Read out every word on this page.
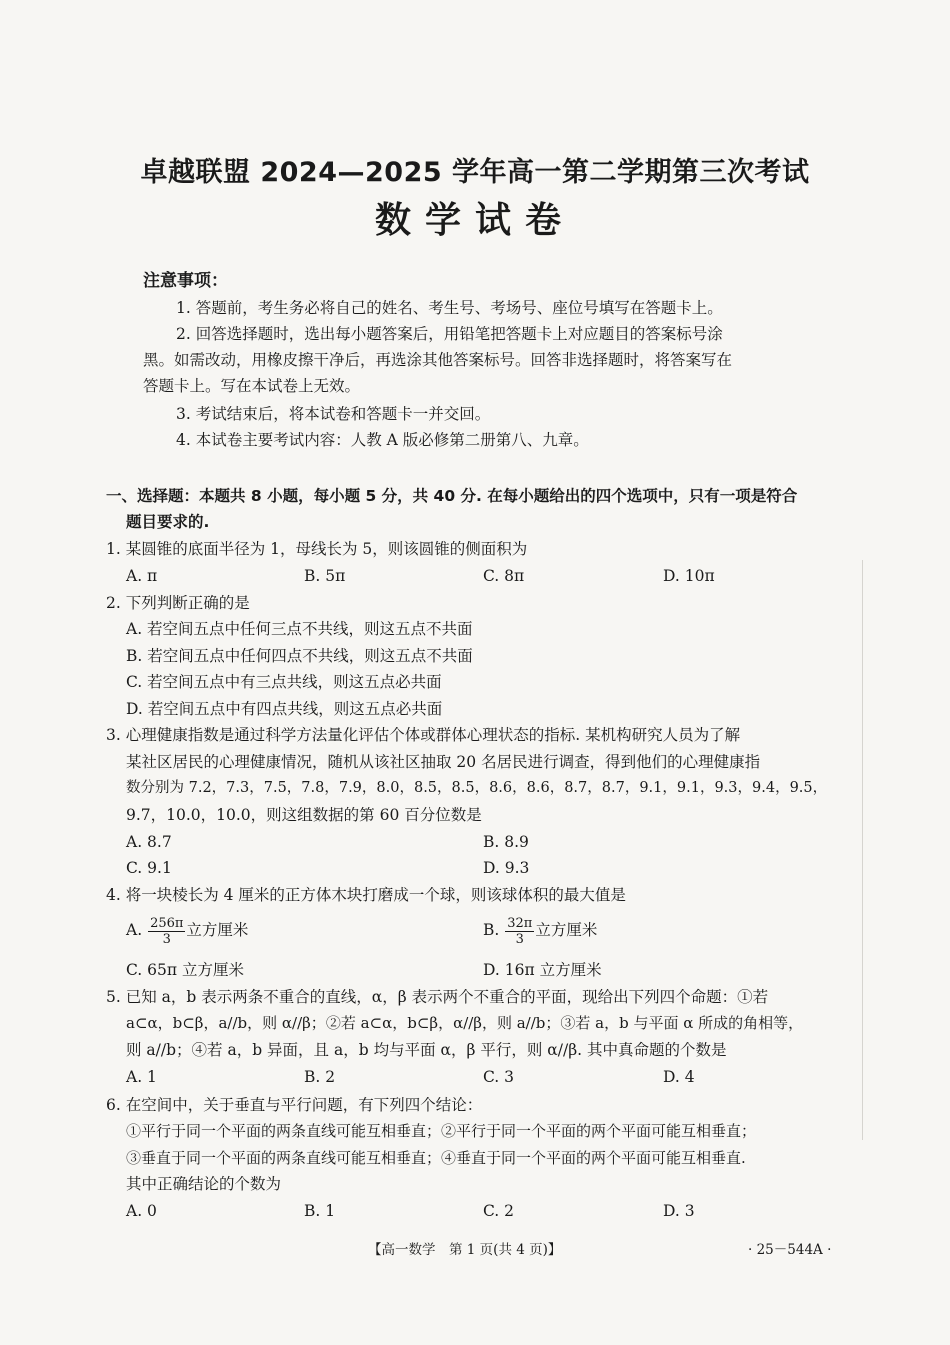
卓越联盟 2024—2025 学年高一第二学期第三次考试
数学试卷
注意事项：
1. 答题前，考生务必将自己的姓名、考生号、考场号、座位号填写在答题卡上。
2. 回答选择题时，选出每小题答案后，用铅笔把答题卡上对应题目的答案标号涂
黑。如需改动，用橡皮擦干净后，再选涂其他答案标号。回答非选择题时，将答案写在
答题卡上。写在本试卷上无效。
3. 考试结束后，将本试卷和答题卡一并交回。
4. 本试卷主要考试内容：人教 A 版必修第二册第八、九章。
一、选择题：本题共 8 小题，每小题 5 分，共 40 分. 在每小题给出的四个选项中，只有一项是符合
题目要求的.
1. 某圆锥的底面半径为 1，母线长为 5，则该圆锥的侧面积为
A. π	B. 5π	C. 8π	D. 10π
2. 下列判断正确的是
A. 若空间五点中任何三点不共线，则这五点不共面
B. 若空间五点中任何四点不共线，则这五点不共面
C. 若空间五点中有三点共线，则这五点必共面
D. 若空间五点中有四点共线，则这五点必共面
3. 心理健康指数是通过科学方法量化评估个体或群体心理状态的指标. 某机构研究人员为了解
某社区居民的心理健康情况，随机从该社区抽取 20 名居民进行调查，得到他们的心理健康指
数分别为 7.2，7.3，7.5，7.8，7.9，8.0，8.5，8.5，8.6，8.6，8.7，8.7，9.1，9.1，9.3，9.4，9.5，
9.7，10.0，10.0，则这组数据的第 60 百分位数是
A. 8.7	B. 8.9
C. 9.1	D. 9.3
4. 将一块棱长为 4 厘米的正方体木块打磨成一个球，则该球体积的最大值是
A. $\frac{256\pi}{3}$ 立方厘米	B. $\frac{32\pi}{3}$ 立方厘米
C. 65π 立方厘米	D. 16π 立方厘米
5. 已知 a，b 表示两条不重合的直线，α，β 表示两个不重合的平面，现给出下列四个命题：①若
a⊂α，b⊂β，a//b，则 α//β；②若 a⊂α，b⊂β，α//β，则 a//b；③若 a，b 与平面 α 所成的角相等，
则 a//b；④若 a，b 异面，且 a，b 均与平面 α，β 平行，则 α//β. 其中真命题的个数是
A. 1	B. 2	C. 3	D. 4
6. 在空间中，关于垂直与平行问题，有下列四个结论：
①平行于同一个平面的两条直线可能互相垂直；②平行于同一个平面的两个平面可能互相垂直；
③垂直于同一个平面的两条直线可能互相垂直；④垂直于同一个平面的两个平面可能互相垂直.
其中正确结论的个数为
A. 0	B. 1	C. 2	D. 3
【高一数学　第 1 页(共 4 页)】	· 25－544A ·
